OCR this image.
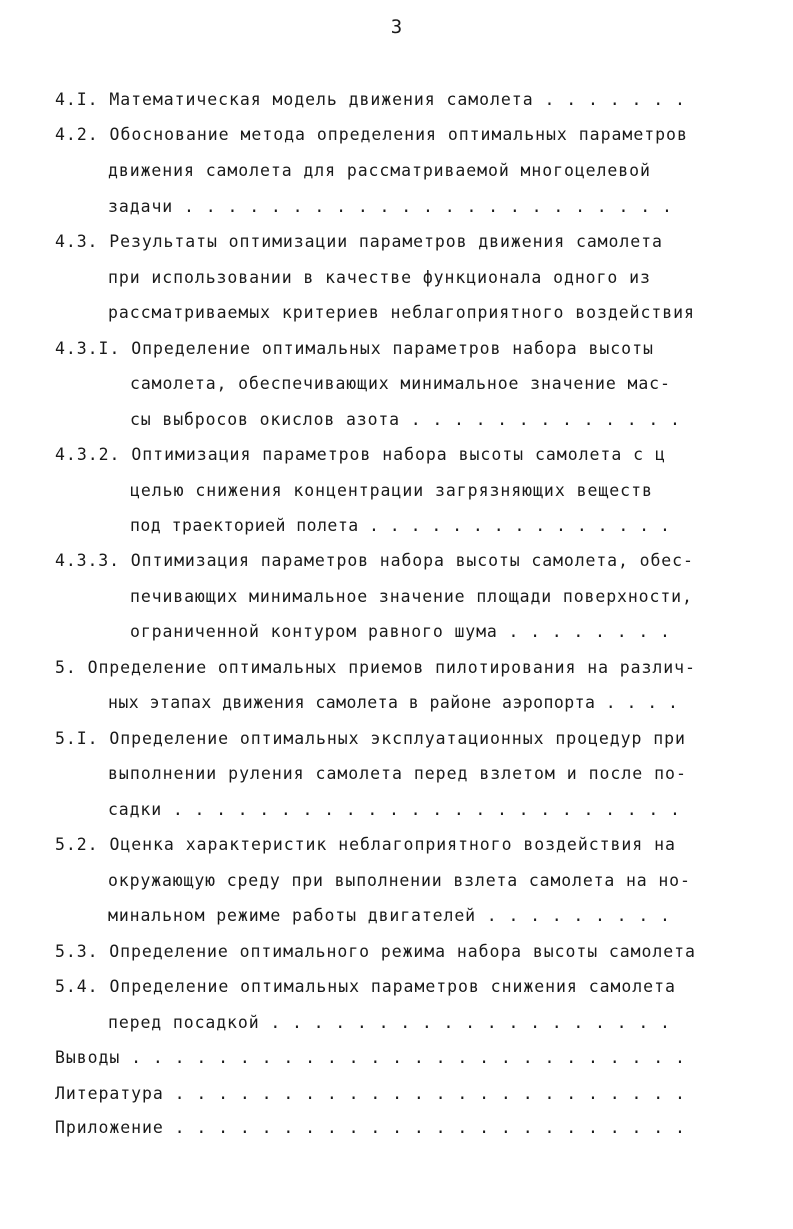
3
4.I. Математическая модель движения самолета . . . . . . .
4.2. Обоснование метода определения оптимальных параметров
движения самолета для рассматриваемой многоцелевой
задачи . . . . . . . . . . . . . . . . . . . . . . .
4.3. Результаты оптимизации параметров движения самолета
при использовании в качестве функционала одного из
рассматриваемых критериев неблагоприятного воздействия
4.3.I. Определение оптимальных параметров набора высоты
самолета, обеспечивающих минимальное значение мас-
сы выбросов окислов азота . . . . . . . . . . . . .
4.3.2. Оптимизация параметров набора высоты самолета с ц
целью снижения концентрации загрязняющих веществ
под траекторией полета . . . . . . . . . . . . . . .
4.3.3. Оптимизация параметров набора высоты самолета, обес-
печивающих минимальное значение площади поверхности,
ограниченной контуром равного шума . . . . . . . .
5. Определение оптимальных приемов пилотирования на различ-
ных этапах движения самолета в районе аэропорта . . . .
5.I. Определение оптимальных эксплуатационных процедур при
выполнении руления самолета перед взлетом и после по-
садки . . . . . . . . . . . . . . . . . . . . . . . .
5.2. Оценка характеристик неблагоприятного воздействия на
окружающую среду при выполнении взлета самолета на но-
минальном режиме работы двигателей . . . . . . . . .
5.3. Определение оптимального режима набора высоты самолета
5.4. Определение оптимальных параметров снижения самолета
перед посадкой . . . . . . . . . . . . . . . . . . .
Выводы . . . . . . . . . . . . . . . . . . . . . . . . . .
Литература . . . . . . . . . . . . . . . . . . . . . . . .
Приложение . . . . . . . . . . . . . . . . . . . . . . . .
